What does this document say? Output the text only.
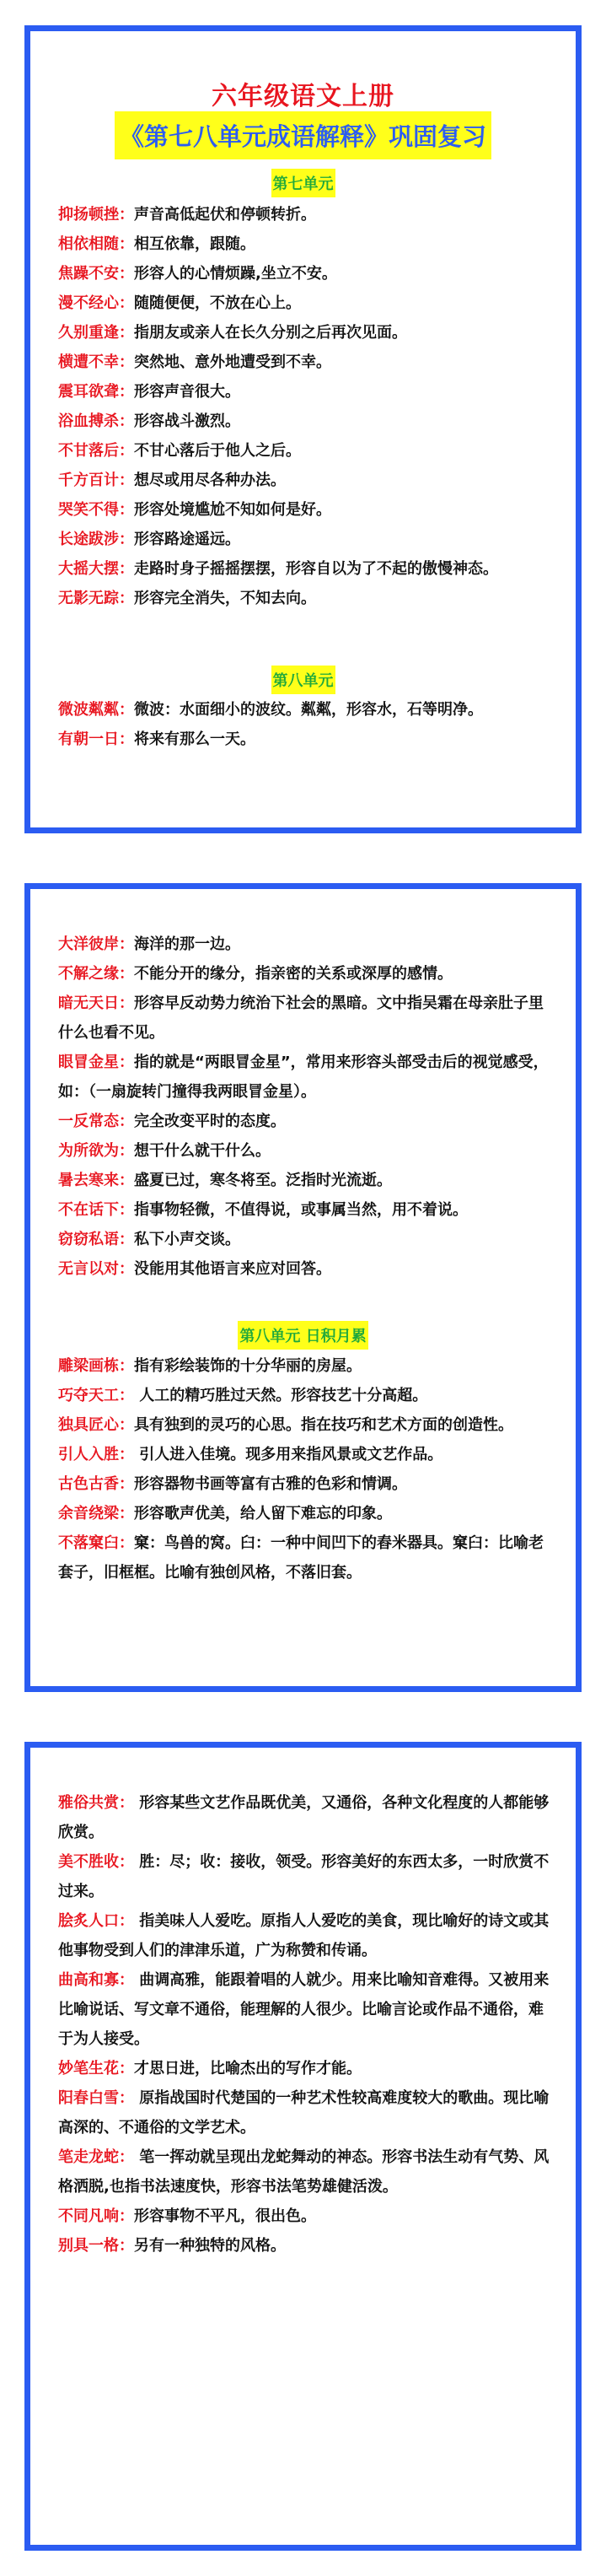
六年级语文上册
《第七八单元成语解释》巩固复习
第七单元
抑扬顿挫：声音高低起伏和停顿转折。
相依相随：相互依靠，跟随。
焦躁不安：形容人的心情烦躁,坐立不安。
漫不经心：随随便便，不放在心上。
久别重逢：指朋友或亲人在长久分别之后再次见面。
横遭不幸：突然地、意外地遭受到不幸。
震耳欲聋：形容声音很大。
浴血搏杀：形容战斗激烈。
不甘落后：不甘心落后于他人之后。
千方百计：想尽或用尽各种办法。
哭笑不得：形容处境尴尬不知如何是好。
长途跋涉：形容路途遥远。
大摇大摆：走路时身子摇摇摆摆，形容自以为了不起的傲慢神态。
无影无踪：形容完全消失，不知去向。
第八单元
微波粼粼：微波：水面细小的波纹。粼粼，形容水，石等明净。
有朝一日：将来有那么一天。
大洋彼岸：海洋的那一边。
不解之缘：不能分开的缘分，指亲密的关系或深厚的感情。
暗无天日：形容早反动势力统治下社会的黑暗。文中指吴霜在母亲肚子里什么也看不见。
眼冒金星：指的就是“两眼冒金星”，常用来形容头部受击后的视觉感受，如：（一扇旋转门撞得我两眼冒金星）。
一反常态：完全改变平时的态度。
为所欲为：想干什么就干什么。
暑去寒来：盛夏已过，寒冬将至。泛指时光流逝。
不在话下：指事物轻微，不值得说，或事属当然，用不着说。
窃窃私语：私下小声交谈。
无言以对：没能用其他语言来应对回答。
第八单元 日积月累
雕梁画栋：指有彩绘装饰的十分华丽的房屋。
巧夺天工： 人工的精巧胜过天然。形容技艺十分高超。
独具匠心：具有独到的灵巧的心思。指在技巧和艺术方面的创造性。
引人入胜： 引人进入佳境。现多用来指风景或文艺作品。
古色古香：形容器物书画等富有古雅的色彩和情调。
余音绕梁：形容歌声优美，给人留下难忘的印象。
不落窠臼：窠：鸟兽的窝。臼：一种中间凹下的舂米器具。窠臼：比喻老套子，旧框框。比喻有独创风格，不落旧套。
雅俗共赏： 形容某些文艺作品既优美，又通俗，各种文化程度的人都能够欣赏。
美不胜收： 胜：尽；收：接收，领受。形容美好的东西太多，一时欣赏不过来。
脍炙人口： 指美味人人爱吃。原指人人爱吃的美食，现比喻好的诗文或其他事物受到人们的津津乐道，广为称赞和传诵。
曲高和寡： 曲调高雅，能跟着唱的人就少。用来比喻知音难得。又被用来比喻说话、写文章不通俗，能理解的人很少。比喻言论或作品不通俗，难于为人接受。
妙笔生花：才思日进，比喻杰出的写作才能。
阳春白雪： 原指战国时代楚国的一种艺术性较高难度较大的歌曲。现比喻高深的、不通俗的文学艺术。
笔走龙蛇： 笔一挥动就呈现出龙蛇舞动的神态。形容书法生动有气势、风格洒脱,也指书法速度快，形容书法笔势雄健活泼。
不同凡响：形容事物不平凡，很出色。
别具一格：另有一种独特的风格。
